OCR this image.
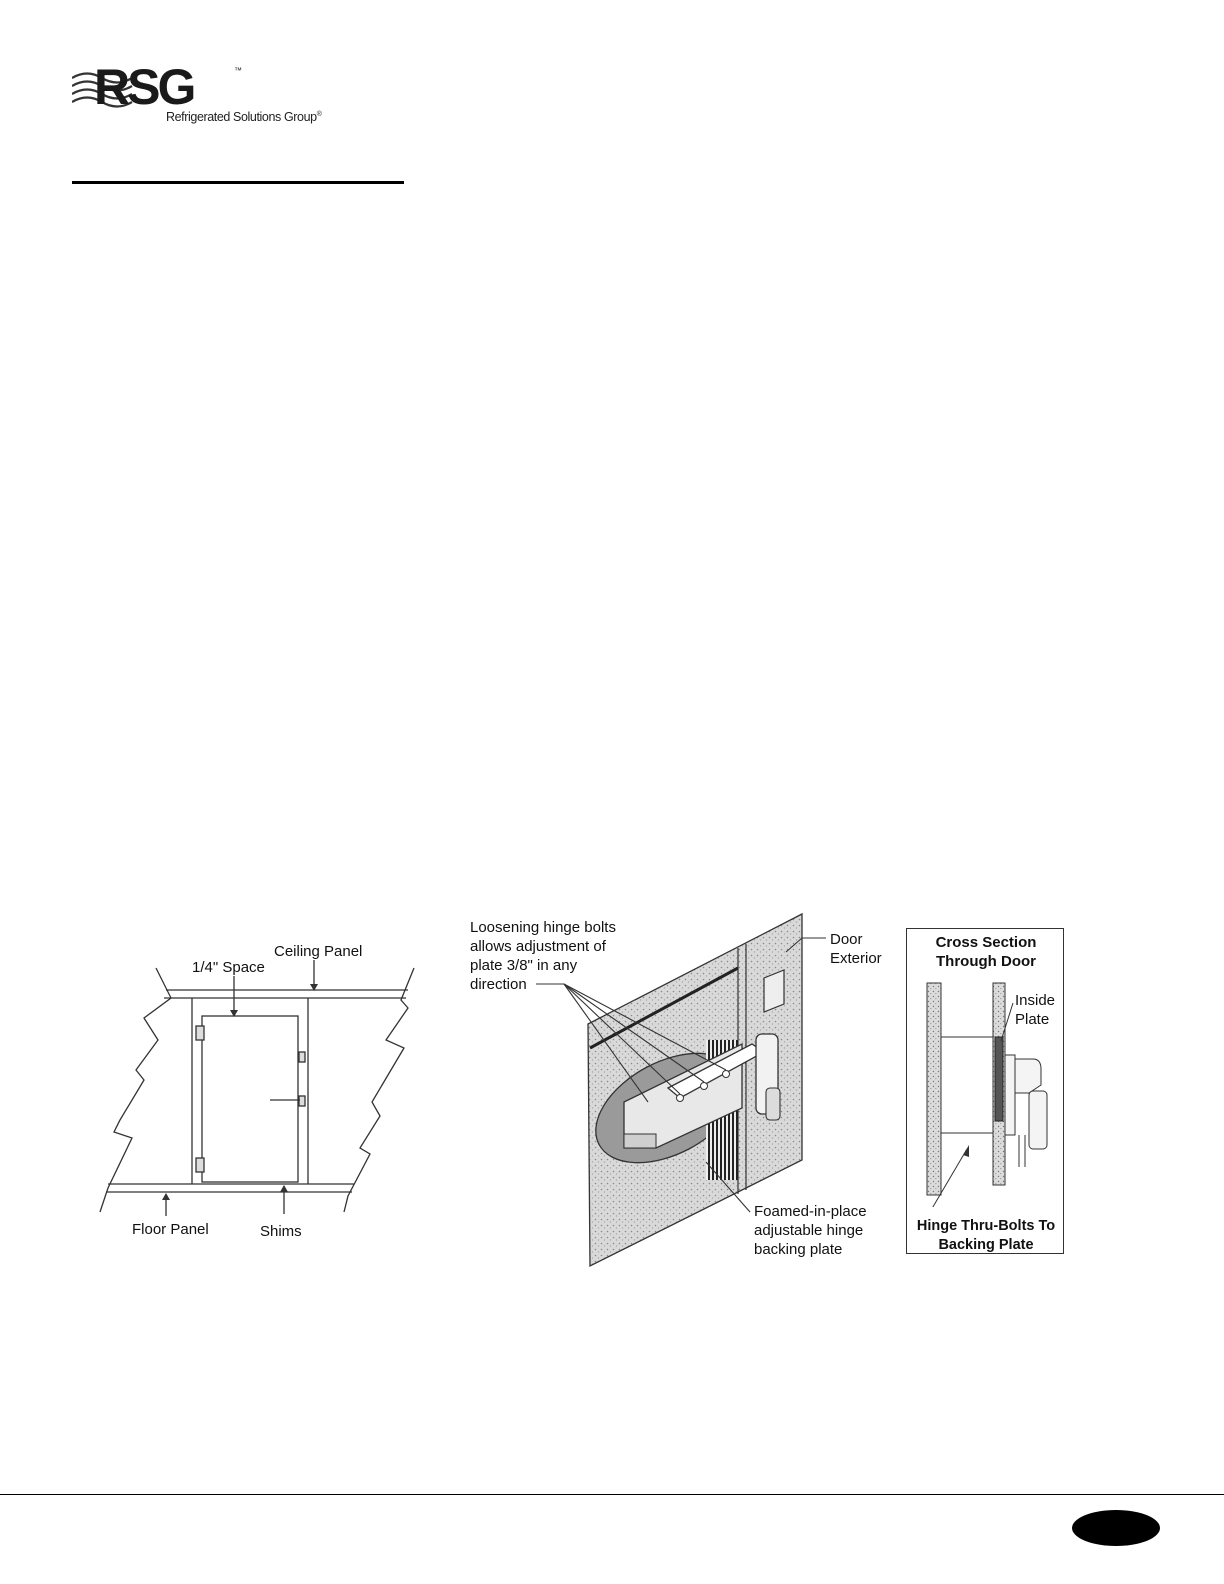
RSG	™
Refrigerated Solutions Group®
1/4" Space
Ceiling Panel
Floor Panel	Shims
Loosening hinge bolts
allows adjustment of
plate 3/8" in any
direction
Door
Exterior
Foamed-in-place
adjustable hinge
backing plate
Cross Section
Through Door
Inside
Plate
Hinge Thru-Bolts To
Backing Plate
